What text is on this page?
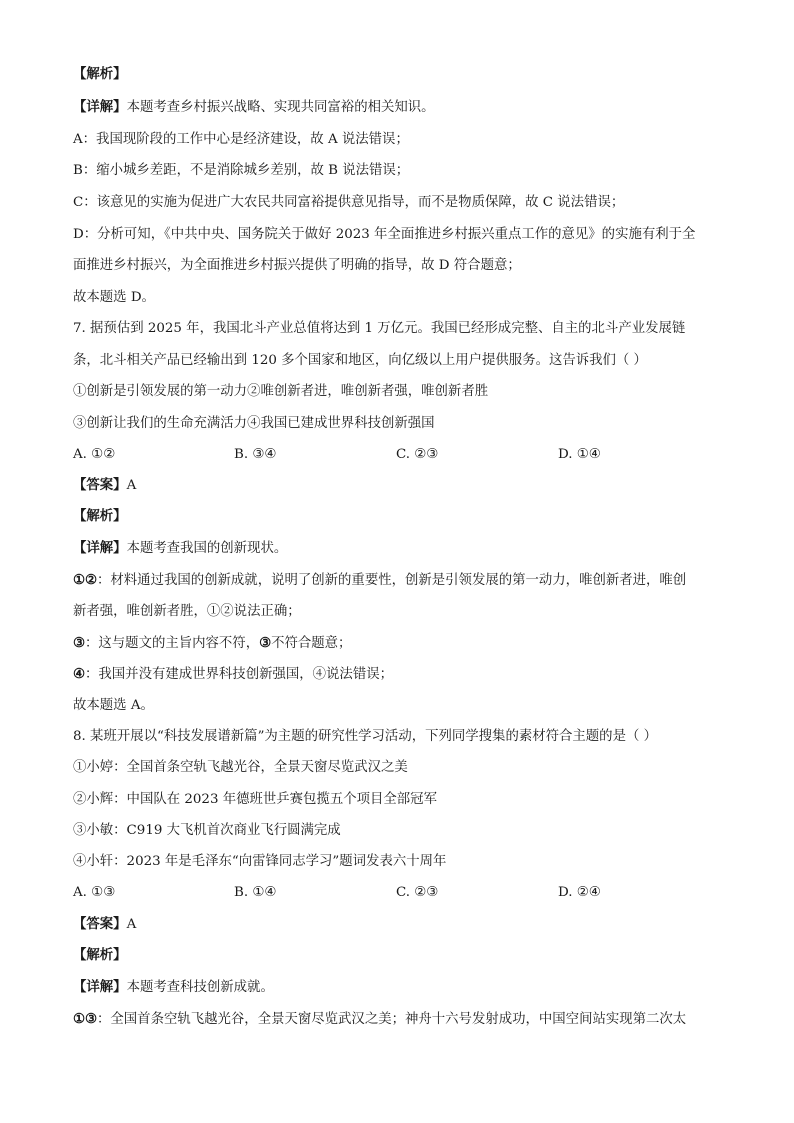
【解析】
【详解】本题考查乡村振兴战略、实现共同富裕的相关知识。
A：我国现阶段的工作中心是经济建设，故 A 说法错误；
B：缩小城乡差距，不是消除城乡差别，故 B 说法错误；
C：该意见的实施为促进广大农民共同富裕提供意见指导，而不是物质保障，故 C 说法错误；
D：分析可知，《中共中央、国务院关于做好 2023 年全面推进乡村振兴重点工作的意见》的实施有利于全
面推进乡村振兴，为全面推进乡村振兴提供了明确的指导，故 D 符合题意；
故本题选 D。
7. 据预估到 2025 年，我国北斗产业总值将达到 1 万亿元。我国已经形成完整、自主的北斗产业发展链
条，北斗相关产品已经输出到 120 多个国家和地区，向亿级以上用户提供服务。这告诉我们（ ）
①创新是引领发展的第一动力②唯创新者进，唯创新者强，唯创新者胜
③创新让我们的生命充满活力④我国已建成世界科技创新强国
A. ①②	B. ③④	C. ②③	D. ①④
【答案】A
【解析】
【详解】本题考查我国的创新现状。
①②：材料通过我国的创新成就，说明了创新的重要性，创新是引领发展的第一动力，唯创新者进，唯创
新者强，唯创新者胜，①②说法正确；
③：这与题文的主旨内容不符，③不符合题意；
④：我国并没有建成世界科技创新强国，④说法错误；
故本题选 A。
8. 某班开展以“科技发展谱新篇”为主题的研究性学习活动，下列同学搜集的素材符合主题的是（ ）
①小婷：全国首条空轨飞越光谷，全景天窗尽览武汉之美
②小辉：中国队在 2023 年德班世乒赛包揽五个项目全部冠军
③小敏：C919 大飞机首次商业飞行圆满完成
④小轩：2023 年是毛泽东“向雷锋同志学习”题词发表六十周年
A. ①③	B. ①④	C. ②③	D. ②④
【答案】A
【解析】
【详解】本题考查科技创新成就。
①③：全国首条空轨飞越光谷，全景天窗尽览武汉之美；神舟十六号发射成功，中国空间站实现第二次太
